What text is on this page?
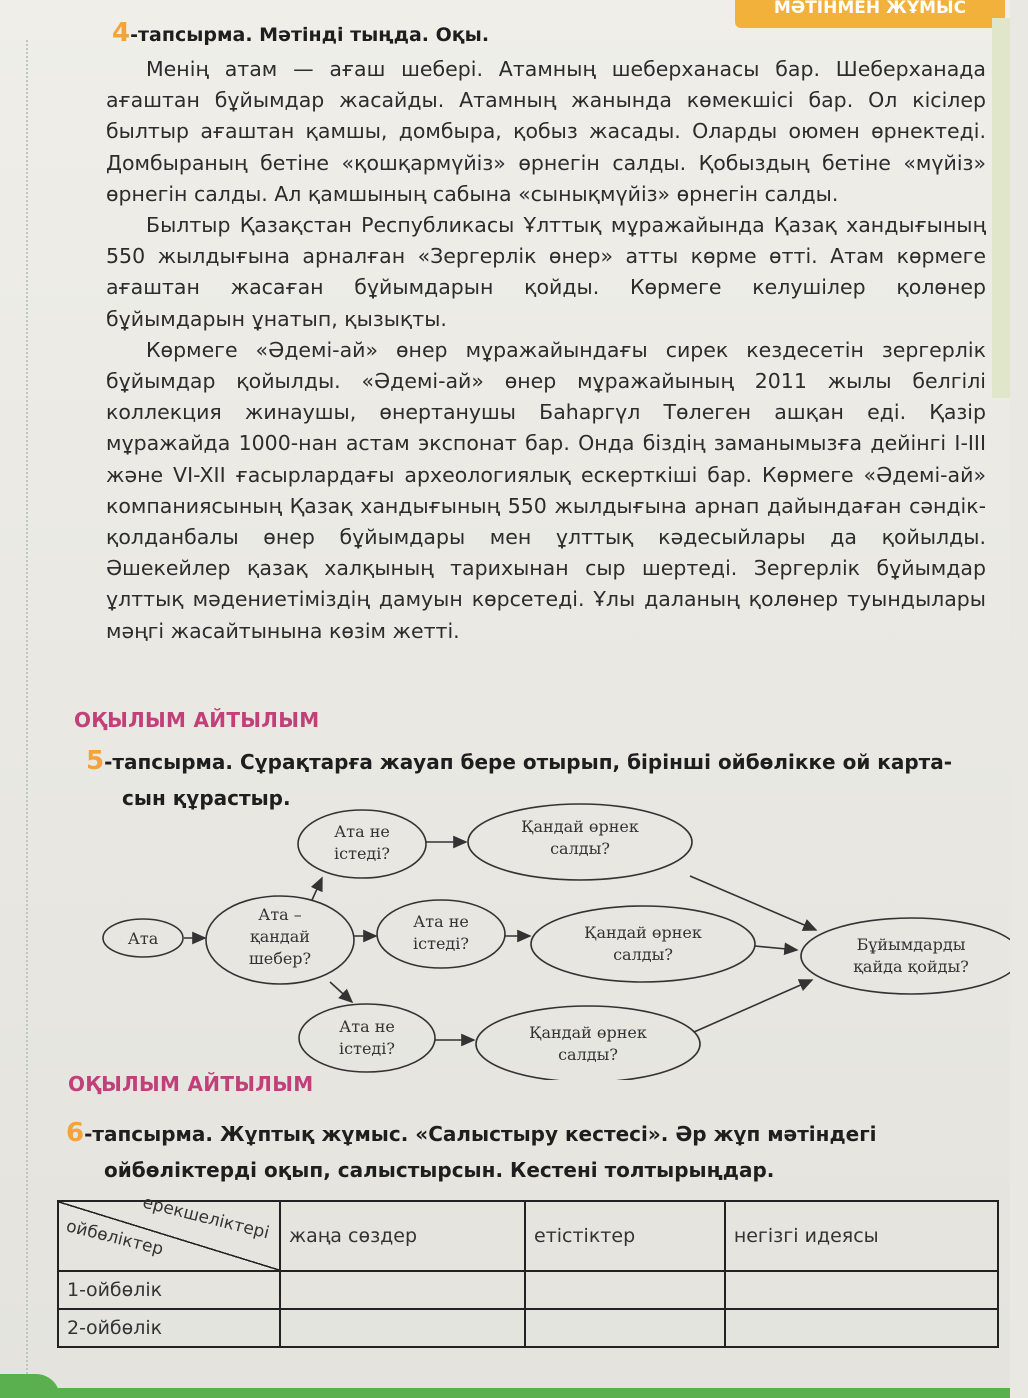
МӘТІНМЕН ЖҰМЫС
4-тапсырма. Мәтінді тыңда. Оқы.

Менің атам — ағаш шебері. Атамның шеберханасы бар. Шеберханада ағаштан бұйымдар жасайды. Атамның жанында көмекшісі бар. Ол кісілер былтыр ағаштан қамшы, домбыра, қобыз жасады. Оларды оюмен өрнектеді. Домбыраның бетіне «қошқармүйіз» өрнегін салды. Қобыздың бетіне «мүйіз» өрнегін салды. Ал қамшының сабына «сынықмүйіз» өрнегін салды.

Былтыр Қазақстан Республикасы Ұлттық мұражайында Қазақ хандығының 550 жылдығына арналған «Зергерлік өнер» атты көрме өтті. Атам көрмеге ағаштан жасаған бұйымдарын қойды. Көрмеге келушілер қолөнер бұйымдарын ұнатып, қызықты.

Көрмеге «Әдемі-ай» өнер мұражайындағы сирек кездесетін зергерлік бұйымдар қойылды. «Әдемі-ай» өнер мұражайының 2011 жылы белгілі коллекция жинаушы, өнертанушы Баһаргүл Төлеген ашқан еді. Қазір мұражайда 1000-нан астам экспонат бар. Онда біздің заманымызға дейінгі I-III және VI-XII ғасырлардағы археологиялық ескерткіші бар. Көрмеге «Әдемі-ай» компаниясының Қазақ хандығының 550 жылдығына арнап дайындаған сәндік-қолданбалы өнер бұйымдары мен ұлттық кәдесыйлары да қойылды. Әшекейлер қазақ халқының тарихынан сыр шертеді. Зергерлік бұйымдар ұлттық мәдениетіміздің дамуын көрсетеді. Ұлы даланың қолөнер туындылары мәңгі жасайтынына көзім жетті.

ОҚЫЛЫМ АЙТЫЛЫМ
5-тапсырма. Сұрақтарға жауап бере отырып, бірінші ойбөлікке ой карта-
сын құрастыр.
Ата
Ата –
қандай
шебер?
Ата не
істеді?
Қандай өрнек
салды?
Ата не
істеді?
Қандай өрнек
салды?
Бұйымдарды
қайда қойды?
Ата не
істеді?
Қандай өрнек
салды?
ОҚЫЛЫМ АЙТЫЛЫМ
6-тапсырма. Жұптық жұмыс. «Салыстыру кестесі». Әр жұп мәтіндегі
ойбөліктерді оқып, салыстырсын. Кестені толтырыңдар.
ерекшеліктері
ойбөліктер	жаңа сөздер	етістіктер	негізгі идеясы
1-ойбөлік			
2-ойбөлік			
